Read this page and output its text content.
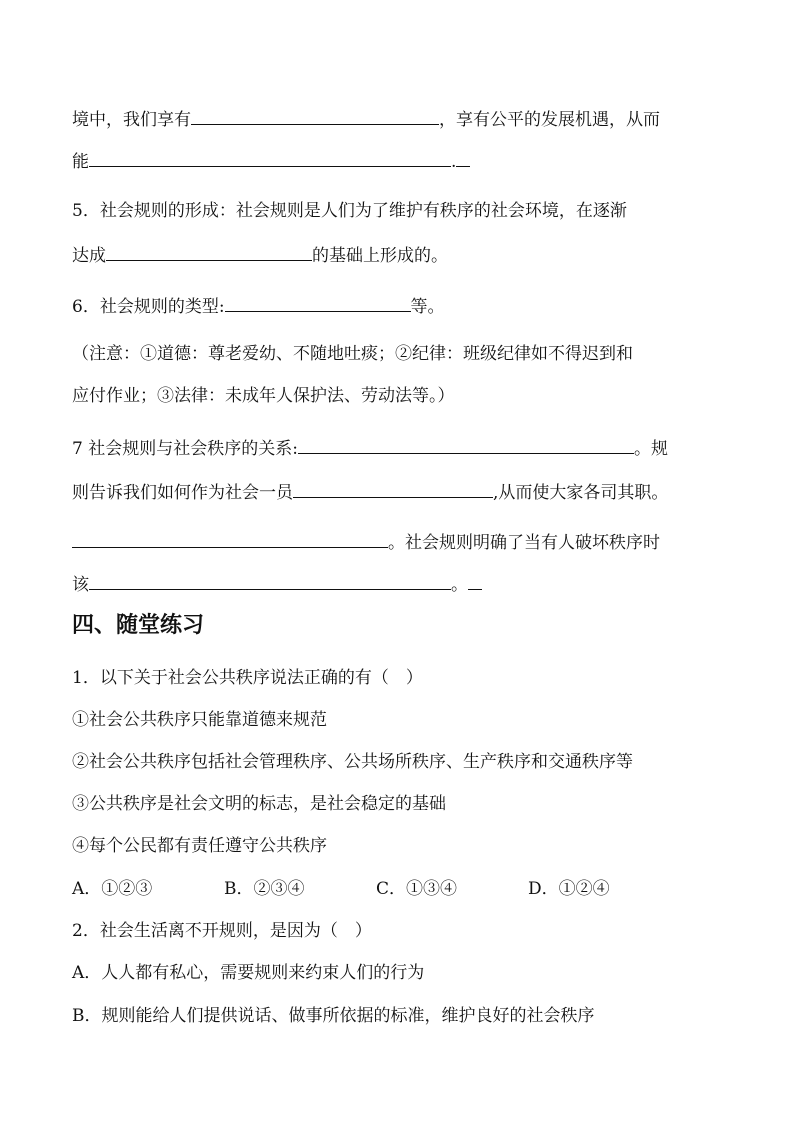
境中，我们享有	，享有公平的发展机遇，从而
能	.
5．社会规则的形成：社会规则是人们为了维护有秩序的社会环境，在逐渐
达成	的基础上形成的。
6．社会规则的类型:	等。
（注意：①道德：尊老爱幼、不随地吐痰；②纪律：班级纪律如不得迟到和
应付作业；③法律：未成年人保护法、劳动法等。）
7 社会规则与社会秩序的关系:	。规
则告诉我们如何作为社会一员	,从而使大家各司其职。
。社会规则明确了当有人破坏秩序时
该	。
四、随堂练习
1．以下关于社会公共秩序说法正确的有（　）
①社会公共秩序只能靠道德来规范
②社会公共秩序包括社会管理秩序、公共场所秩序、生产秩序和交通秩序等
③公共秩序是社会文明的标志，是社会稳定的基础
④每个公民都有责任遵守公共秩序
A．①②③	B．②③④	C．①③④	D．①②④
2．社会生活离不开规则，是因为（　）
A．人人都有私心，需要规则来约束人们的行为
B．规则能给人们提供说话、做事所依据的标准，维护良好的社会秩序
